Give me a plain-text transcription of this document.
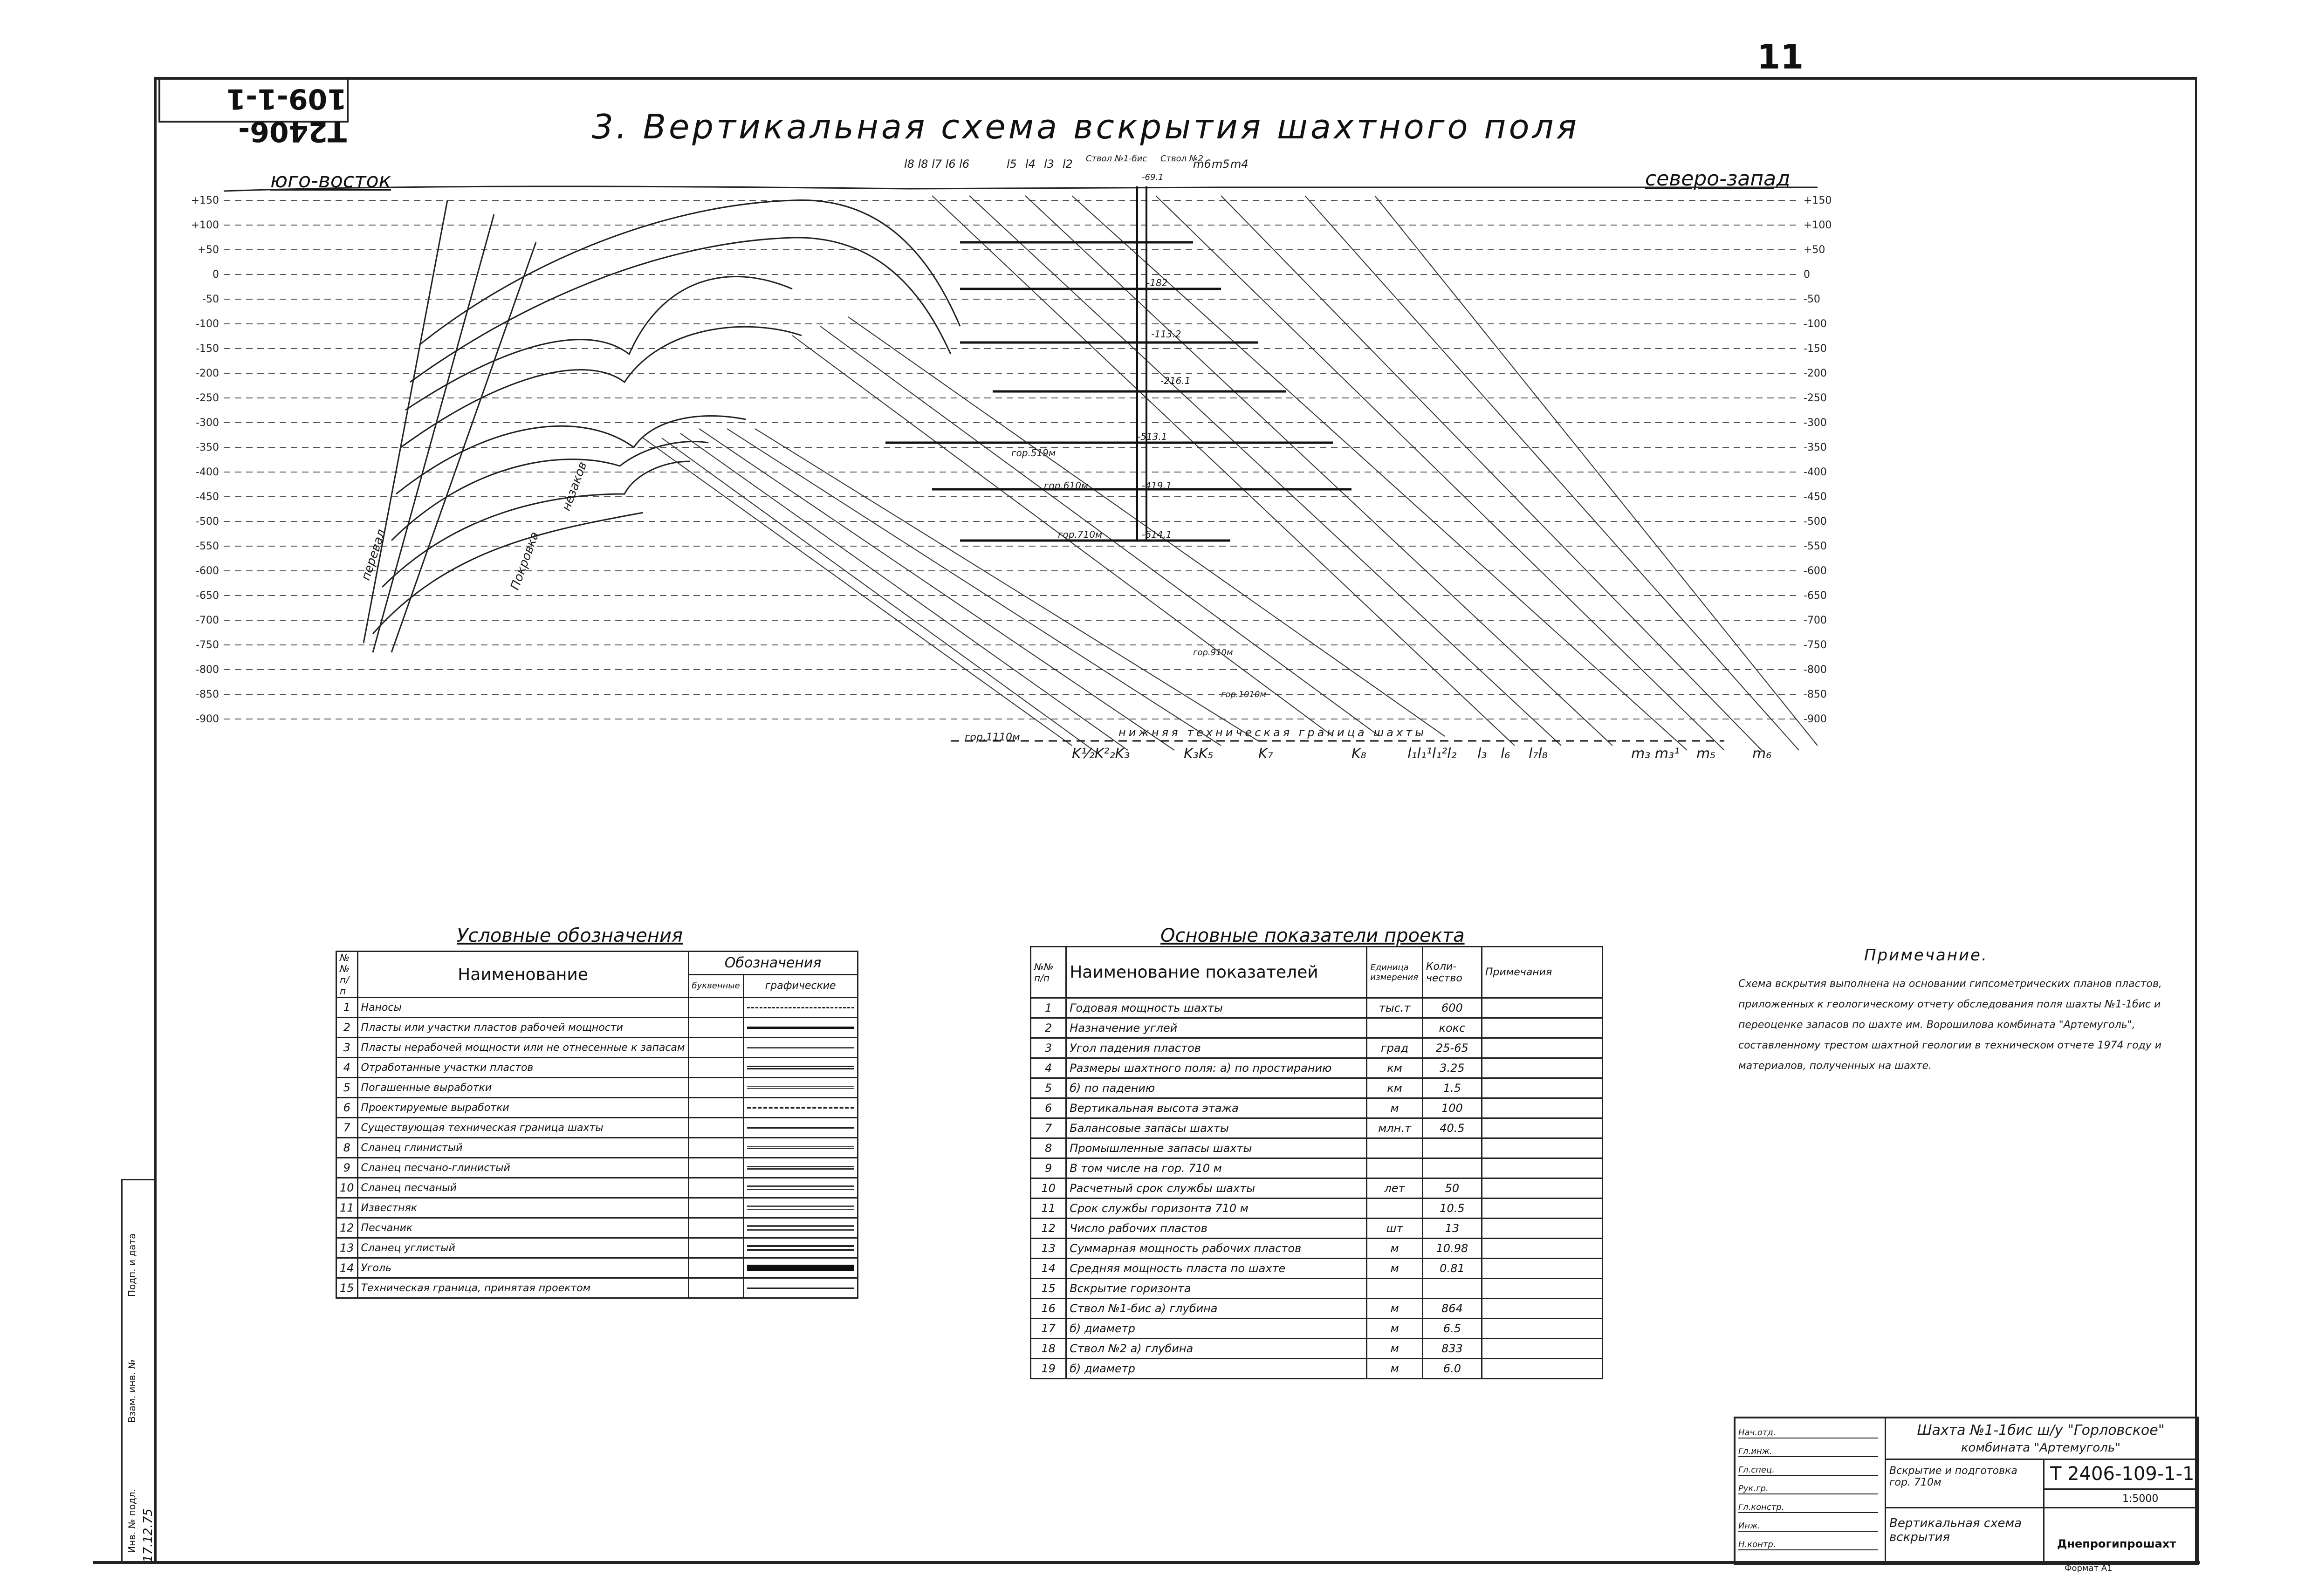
11
T2406-109-1-1
3. Вертикальная схема вскрытия шахтного поля
юго-восток	северо-запад
+150
+100
+50
0
-50
-100
-150
-200
-250
-300
-350
-400
-450
-500
-550
-600
-650
-700
-750
-800
-850
-900
+150
+100
+50
0
-50
-100
-150
-200
-250
-300
-350
-400
-450
-500
-550
-600
-650
-700
-750
-800
-850
-900
гор.519м
гор.610м
гор.710м
гор.1110м
гор.910м
гор.1010м
-182
-113.2
-216.1
-513.1
-419.1
-614.1
-69.1
Ствол №1-бис Ствол №2
l8 l8 l7 l6 l6	l5 l4 l3 l2	m6 m5 m4
K½K²₂K₃	K₃K₅	K₇	K₈	l₁l₁¹l₁²l₂ l₃ l₆ l₇l₈	m₃ m₃¹ m₅	m₆
нижняя техническая граница шахты
перевал	Покровка
незаков
Условные обозначения
№№ п/п	Наименование	Обозначения	
		буквенные	графические
1	Наносы		

2	Пласты или участки пластов рабочей мощности		

3	Пласты нерабочей мощности или не отнесенные к запасам		

4	Отработанные участки пластов		

5	Погашенные выработки		

6	Проектируемые выработки		

7	Существующая техническая граница шахты		

8	Сланец глинистый		

9	Сланец песчано-глинистый		

10	Сланец песчаный		

11	Известняк		

12	Песчаник		

13	Сланец углистый		

14	Уголь		

15	Техническая граница, принятая проектом		
Основные показатели проекта
№№ п/п	Наименование показателей	Единица измерения	Коли-чество	Примечания
1	Годовая мощность шахты	тыс.т	600	
2	Назначение углей		кокс	
3	Угол падения пластов	град	25-65	
4	Размеры шахтного поля: а) по простиранию	км	3.25	
5	б) по падению	км	1.5	
6	Вертикальная высота этажа	м	100	
7	Балансовые запасы шахты	млн.т	40.5	
8	Промышленные запасы шахты			
9	В том числе на гор. 710 м			
10	Расчетный срок службы шахты	лет	50	
11	Срок службы горизонта 710 м		10.5	
12	Число рабочих пластов	шт	13	
13	Суммарная мощность рабочих пластов	м	10.98	
14	Средняя мощность пласта по шахте	м	0.81	
15	Вскрытие горизонта			
16	Ствол №1-бис а) глубина	м	864	
17	б) диаметр	м	6.5	
18	Ствол №2 а) глубина	м	833	
19	б) диаметр	м	6.0	
Примечание.
Схема вскрытия выполнена на основании гипсометрических планов пластов, приложенных к геологическому отчету обследования поля шахты №1-1бис и переоценке запасов по шахте им. Ворошилова комбината "Артемуголь", составленному трестом шахтной геологии в техническом отчете 1974 году и материалов, полученных на шахте.
Подп. и дата
Взам. инв. №
Инв. № подл. 17.12.75
Нач.отд.
Гл.инж.
Гл.спец.
Рук.гр.
Гл.констр.
Инж.
Н.контр.
Шахта №1-1бис ш/у "Горловское"
комбината "Артемуголь"
Вскрытие и подготовка гор. 710м	Т 2406-109-1-1
1:5000
Вертикальная схема вскрытия	Днепрогипрошахт
Формат А1
